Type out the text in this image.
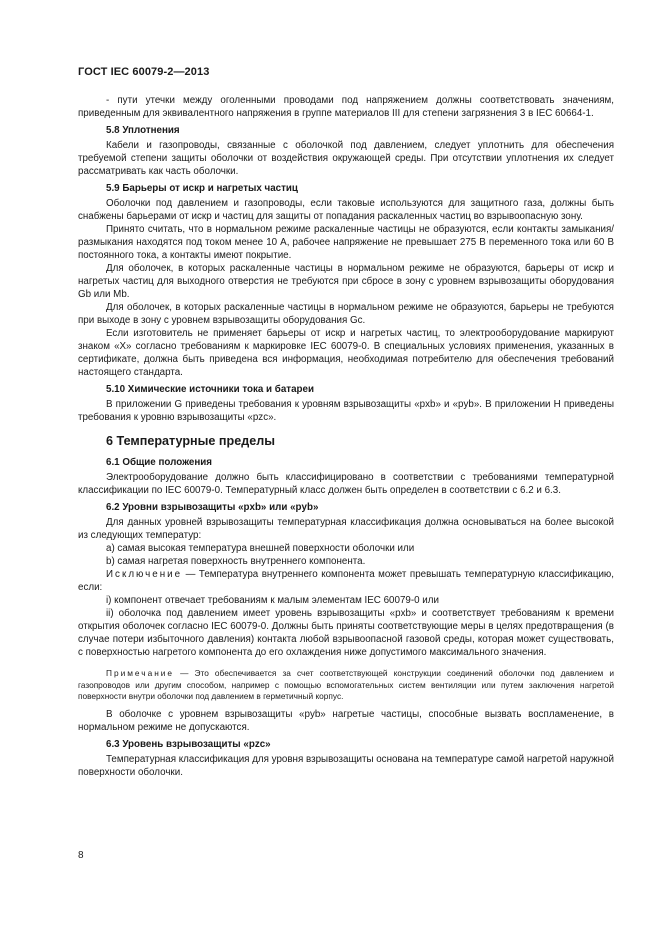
ГОСТ IEC 60079-2—2013

- пути утечки между оголенными проводами под напряжением должны соответствовать значениям, приведенным для эквивалентного напряжения в группе материалов III для степени загрязнения 3 в IEC 60664-1.

5.8 Уплотнения

Кабели и газопроводы, связанные с оболочкой под давлением, следует уплотнить для обеспечения требуемой степени защиты оболочки от воздействия окружающей среды. При отсутствии уплотнения их следует рассматривать как часть оболочки.

5.9 Барьеры от искр и нагретых частиц

Оболочки под давлением и газопроводы, если таковые используются для защитного газа, должны быть снабжены барьерами от искр и частиц для защиты от попадания раскаленных частиц во взрывоопасную зону.

Принято считать, что в нормальном режиме раскаленные частицы не образуются, если контакты замыкания/размыкания находятся под током менее 10 А, рабочее напряжение не превышает 275 В переменного тока или 60 В постоянного тока, а контакты имеют покрытие.

Для оболочек, в которых раскаленные частицы в нормальном режиме не образуются, барьеры от искр и нагретых частиц для выходного отверстия не требуются при сбросе в зону с уровнем взрывозащиты оборудования Gb или Mb.

Для оболочек, в которых раскаленные частицы в нормальном режиме не образуются, барьеры не требуются при выходе в зону с уровнем взрывозащиты оборудования Gc.

Если изготовитель не применяет барьеры от искр и нагретых частиц, то электрооборудование маркируют знаком «X» согласно требованиям к маркировке IEC 60079-0. В специальных условиях применения, указанных в сертификате, должна быть приведена вся информация, необходимая потребителю для обеспечения требований настоящего стандарта.

5.10 Химические источники тока и батареи

В приложении G приведены требования к уровням взрывозащиты «pxb» и «pyb». В приложении H приведены требования к уровню взрывозащиты «pzc».

6 Температурные пределы
6.1 Общие положения

Электрооборудование должно быть классифицировано в соответствии с требованиями температурной классификации по IEC 60079-0. Температурный класс должен быть определен в соответствии с 6.2 и 6.3.

6.2 Уровни взрывозащиты «pxb» или «pyb»

Для данных уровней взрывозащиты температурная классификация должна основываться на более высокой из следующих температур:

a) самая высокая температура внешней поверхности оболочки или

b) самая нагретая поверхность внутреннего компонента.

Исключение — Температура внутреннего компонента может превышать температурную классификацию, если:

i) компонент отвечает требованиям к малым элементам IEC 60079-0 или

ii) оболочка под давлением имеет уровень взрывозащиты «pxb» и соответствует требованиям к времени открытия оболочек согласно IEC 60079-0. Должны быть приняты соответствующие меры в целях предотвращения (в случае потери избыточного давления) контакта любой взрывоопасной газовой среды, которая может существовать, с поверхностью нагретого компонента до его охлаждения ниже допустимого максимального значения.

Примечание — Это обеспечивается за счет соответствующей конструкции соединений оболочки под давлением и газопроводов или другим способом, например с помощью вспомогательных систем вентиляции или путем заключения нагретой поверхности внутри оболочки под давлением в герметичный корпус.

В оболочке с уровнем взрывозащиты «pyb» нагретые частицы, способные вызвать воспламенение, в нормальном режиме не допускаются.

6.3 Уровень взрывозащиты «pzc»

Температурная классификация для уровня взрывозащиты основана на температуре самой нагретой наружной поверхности оболочки.

8
